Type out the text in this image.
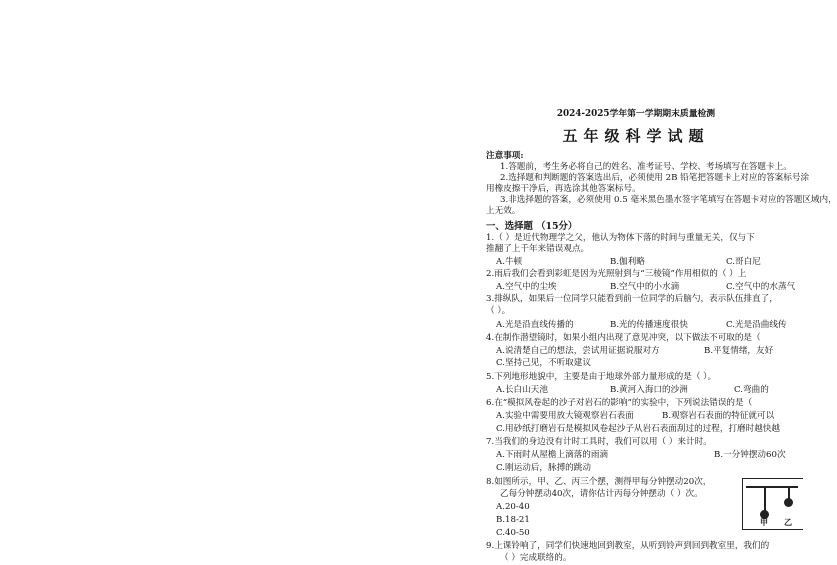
2024-2025学年第一学期期末质量检测
五年级科学试题
注意事项:
1.答题前，考生务必将自己的姓名、准考证号、学校、考场填写在答题卡上。
2.选择题和判断题的答案选出后，必须使用 2B 铅笔把答题卡上对应的答案标号涂
用橡皮擦干净后，再选涂其他答案标号。
3.非选择题的答案，必须使用 0.5 毫米黑色墨水签字笔填写在答题卡对应的答题区域内，
上无效。
一、选择题 （15分）
1.（ ）是近代物理学之父，他认为物体下落的时间与重量无关，仅与下
推翻了上千年来错误观点。
A.牛顿	B.伽利略	C.哥白尼
2.雨后我们会看到彩虹是因为光照射到与“三棱镜”作用相似的（ ）上
A.空气中的尘埃	B.空气中的小水滴	C.空气中的水蒸气
3.排纵队，如果后一位同学只能看到前一位同学的后脑勺，表示队伍排直了，
（ ）。
A.光是沿直线传播的	B.光的传播速度很快	C.光是沿曲线传
4.在制作潜望镜时，如果小组内出现了意见冲突，以下做法不可取的是（
A.说清楚自己的想法，尝试用证据说服对方	B.平复情绪，友好
C.坚持己见，不听取建议
5.下列地形地貌中，主要是由于地球外部力量形成的是（ ）。
A.长白山天池	B.黄河入海口的沙洲	C.弯曲的
6.在“模拟风卷起的沙子对岩石的影响”的实验中，下列说法错误的是（
A.实验中需要用放大镜观察岩石表面	B.观察岩石表面的特征就可以
C.用砂纸打磨岩石是模拟风卷起沙子从岩石表面刮过的过程，打磨时越快越
7.当我们的身边没有计时工具时，我们可以用（ ）来计时。
A.下雨时从屋檐上滴落的雨滴	B.一分钟摆动60次
C.刚运动后，脉搏的跳动
8.如图所示，甲、乙、丙三个摆，测得甲每分钟摆动20次，
乙每分钟摆动40次，请你估计丙每分钟摆动（ ）次。
A.20-40
B.18-21
C.40-50
甲 乙
9.上课铃响了，同学们快速地回到教室，从听到铃声到回到教室里，我们的
（ ）完成联络的。
